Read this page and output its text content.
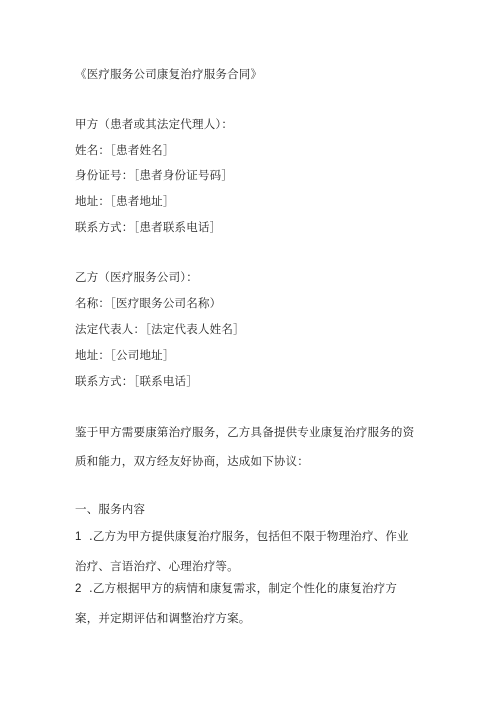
《医疗服务公司康复治疗服务合同》
甲方（患者或其法定代理人）：
姓名：［患者姓名］
身份证号：［患者身份证号码］
地址：［患者地址］
联系方式：［患者联系电话］
乙方（医疗服务公司）：
名称：［医疗眼务公司名称）
法定代表人：［法定代表人姓名］
地址：［公司地址］
联系方式：［联系电话］
鉴于甲方需要康第治疗服务，乙方具备提供专业康复治疗服务的资质和能力，双方经友好协商，达成如下协议：
一、服务内容
1 .乙方为甲方提供康复治疗服务，包括但不限于物理治疗、作业治疗、言语治疗、心理治疗等。
2 .乙方根据甲方的病情和康复需求，制定个性化的康复治疗方案，并定期评估和调整治疗方案。
